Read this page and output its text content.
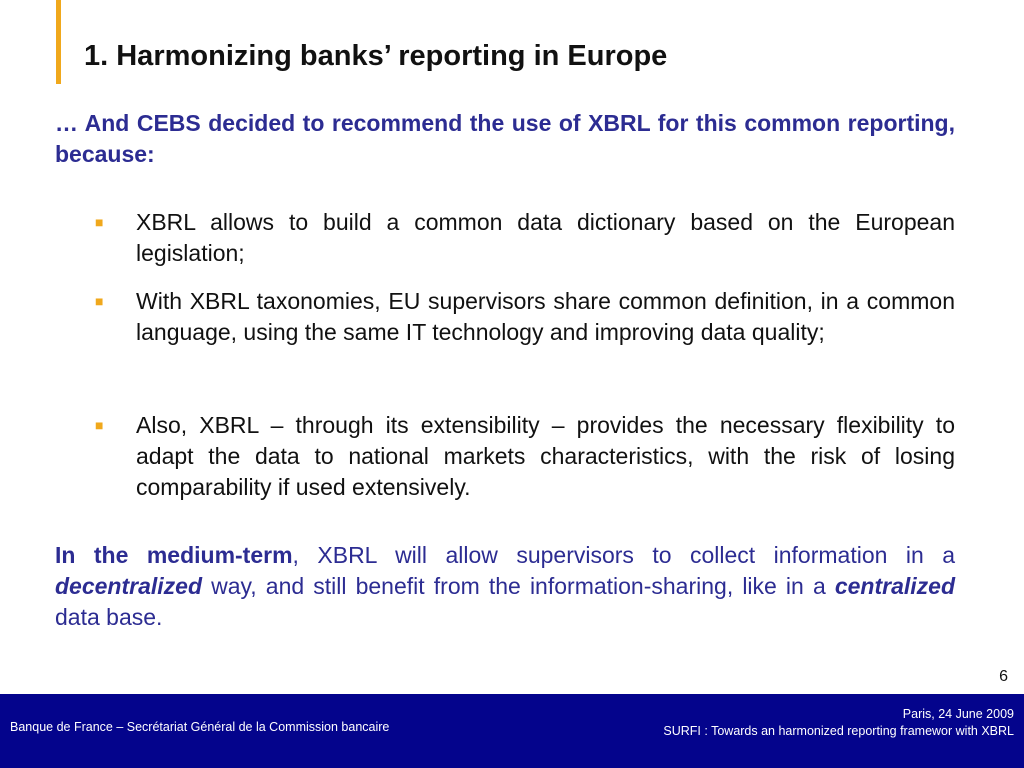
1. Harmonizing banks’ reporting in Europe

… And CEBS decided to recommend the use of XBRL for this common reporting, because:

■	XBRL allows to build a common data dictionary based on the European legislation;
■	With XBRL taxonomies, EU supervisors share common definition, in a common language, using the same IT technology and improving data quality;
■	Also, XBRL – through its extensibility – provides the necessary flexibility to adapt the data to national markets characteristics, with the risk of losing comparability if used extensively.

In the medium-term, XBRL will allow supervisors to collect information in a decentralized way, and still benefit from the information-sharing, like in a centralized data base.

6
Banque de France – Secrétariat Général de la Commission bancaire
Paris, 24 June 2009
SURFI : Towards an harmonized reporting framewor with XBRL
